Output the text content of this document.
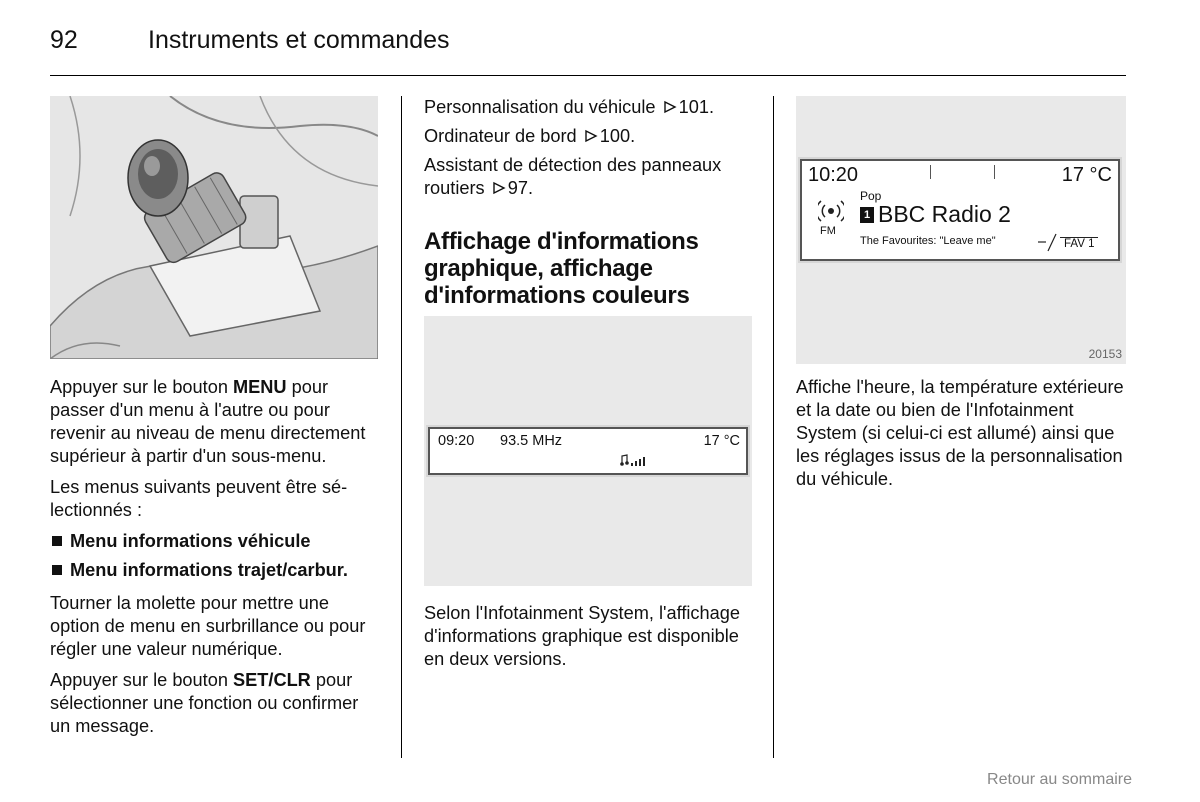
92	Instruments et commandes

Appuyer sur le bouton MENU pour passer d'un menu à l'autre ou pour revenir au niveau de menu directement supérieur à partir d'un sous-menu.

Les menus suivants peuvent être sélectionnés :

Menu informations véhicule
Menu informations trajet/carbur.

Tourner la molette pour mettre une option de menu en surbrillance ou pour régler une valeur numérique.

Appuyer sur le bouton SET/CLR pour sélectionner une fonction ou confirmer un message.

Personnalisation du véhicule 101.

Ordinateur de bord 100.

Assistant de détection des panneaux routiers 97.

Affichage d'informations graphique, affichage d'informations couleurs
09:20 93.5 MHz	17 °C
Selon l'Infotainment System, l'affichage d'informations graphique est disponible en deux versions.
10:20	17 °C
Pop
FM
1 BBC Radio 2
The Favourites: "Leave me"	FAV 1
20153
Affiche l'heure, la température extérieure et la date ou bien de l'Infotainment System (si celui-ci est allumé) ainsi que les réglages issus de la personnalisation du véhicule.
Retour au sommaire
